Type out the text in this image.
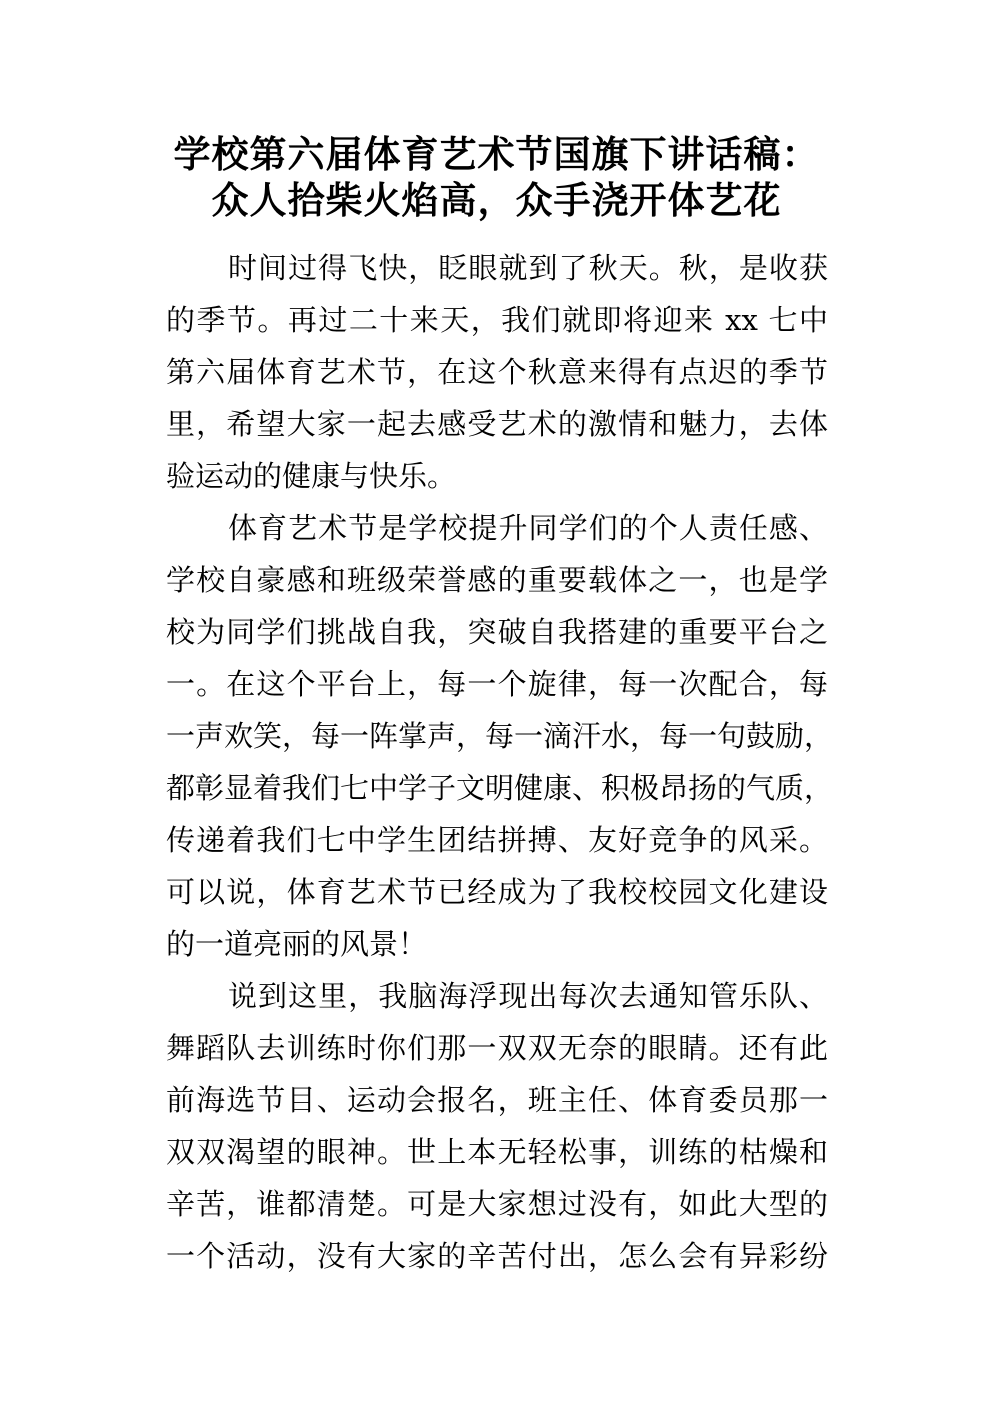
学校第六届体育艺术节国旗下讲话稿：
众人拾柴火焰高，众手浇开体艺花
时间过得飞快，眨眼就到了秋天。秋，是收获
的季节。再过二十来天，我们就即将迎来 xx 七中
第六届体育艺术节，在这个秋意来得有点迟的季节
里，希望大家一起去感受艺术的激情和魅力，去体
验运动的健康与快乐。
体育艺术节是学校提升同学们的个人责任感、
学校自豪感和班级荣誉感的重要载体之一，也是学
校为同学们挑战自我，突破自我搭建的重要平台之
一。在这个平台上，每一个旋律，每一次配合，每
一声欢笑，每一阵掌声，每一滴汗水，每一句鼓励，
都彰显着我们七中学子文明健康、积极昂扬的气质，
传递着我们七中学生团结拼搏、友好竞争的风采。
可以说，体育艺术节已经成为了我校校园文化建设
的一道亮丽的风景！
说到这里，我脑海浮现出每次去通知管乐队、
舞蹈队去训练时你们那一双双无奈的眼睛。还有此
前海选节目、运动会报名，班主任、体育委员那一
双双渴望的眼神。世上本无轻松事，训练的枯燥和
辛苦，谁都清楚。可是大家想过没有，如此大型的
一个活动，没有大家的辛苦付出，怎么会有异彩纷
